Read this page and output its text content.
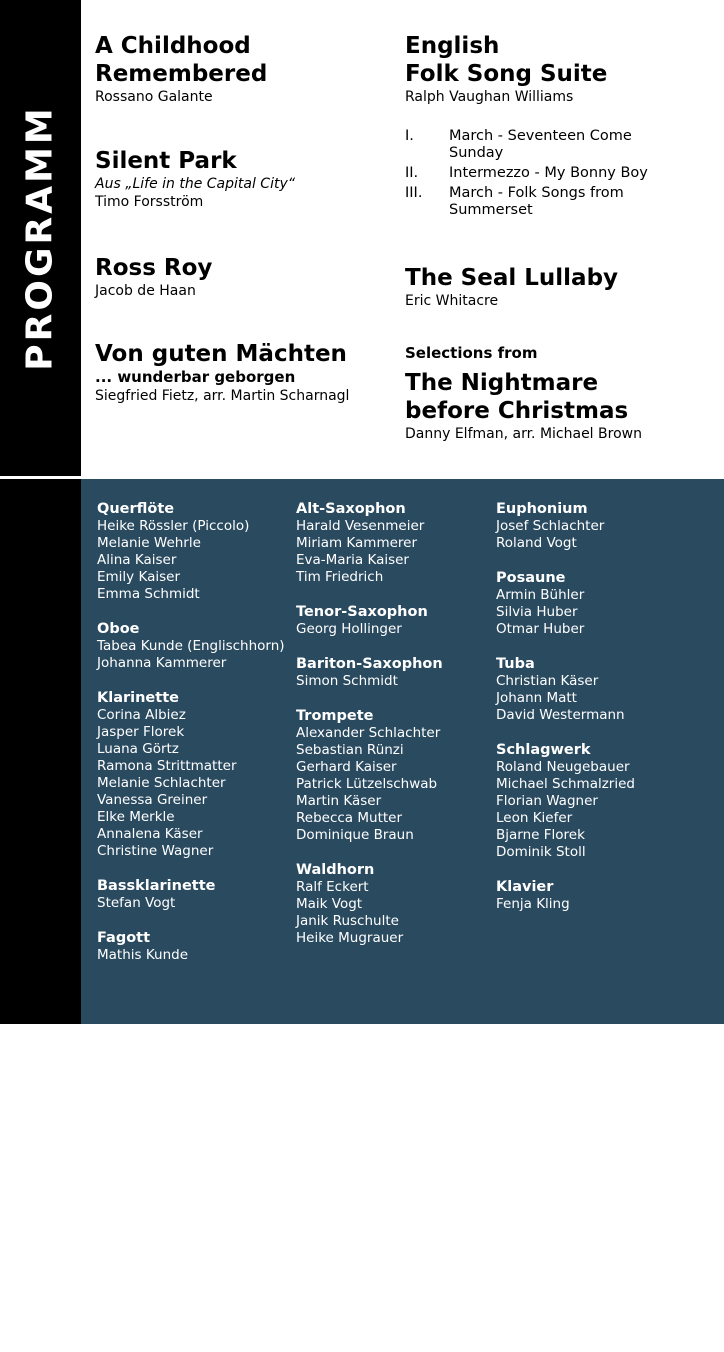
PROGRAMM
BESETZUNG
A Childhood
Remembered
Rossano Galante
Silent Park
Aus „Life in the Capital City“
Timo Forsström
Ross Roy
Jacob de Haan
Von guten Mächten
... wunderbar geborgen
Siegfried Fietz, arr. Martin Scharnagl
English
Folk Song Suite
Ralph Vaughan Williams
I. March - Seventeen Come Sunday
II. Intermezzo - My Bonny Boy
III. March - Folk Songs from Summerset
The Seal Lullaby
Eric Whitacre
Selections from
The Nightmare
before Christmas
Danny Elfman, arr. Michael Brown
Querflöte
Heike Rössler (Piccolo)
Melanie Wehrle
Alina Kaiser
Emily Kaiser
Emma Schmidt
Oboe
Tabea Kunde (Englischhorn)
Johanna Kammerer
Klarinette
Corina Albiez
Jasper Florek
Luana Görtz
Ramona Strittmatter
Melanie Schlachter
Vanessa Greiner
Elke Merkle
Annalena Käser
Christine Wagner
Bassklarinette
Stefan Vogt
Fagott
Mathis Kunde
Alt-Saxophon
Harald Vesenmeier
Miriam Kammerer
Eva-Maria Kaiser
Tim Friedrich
Tenor-Saxophon
Georg Hollinger
Bariton-Saxophon
Simon Schmidt
Trompete
Alexander Schlachter
Sebastian Rünzi
Gerhard Kaiser
Patrick Lützelschwab
Martin Käser
Rebecca Mutter
Dominique Braun
Waldhorn
Ralf Eckert
Maik Vogt
Janik Ruschulte
Heike Mugrauer
Euphonium
Josef Schlachter
Roland Vogt
Posaune
Armin Bühler
Silvia Huber
Otmar Huber
Tuba
Christian Käser
Johann Matt
David Westermann
Schlagwerk
Roland Neugebauer
Michael Schmalzried
Florian Wagner
Leon Kiefer
Bjarne Florek
Dominik Stoll
Klavier
Fenja Kling
